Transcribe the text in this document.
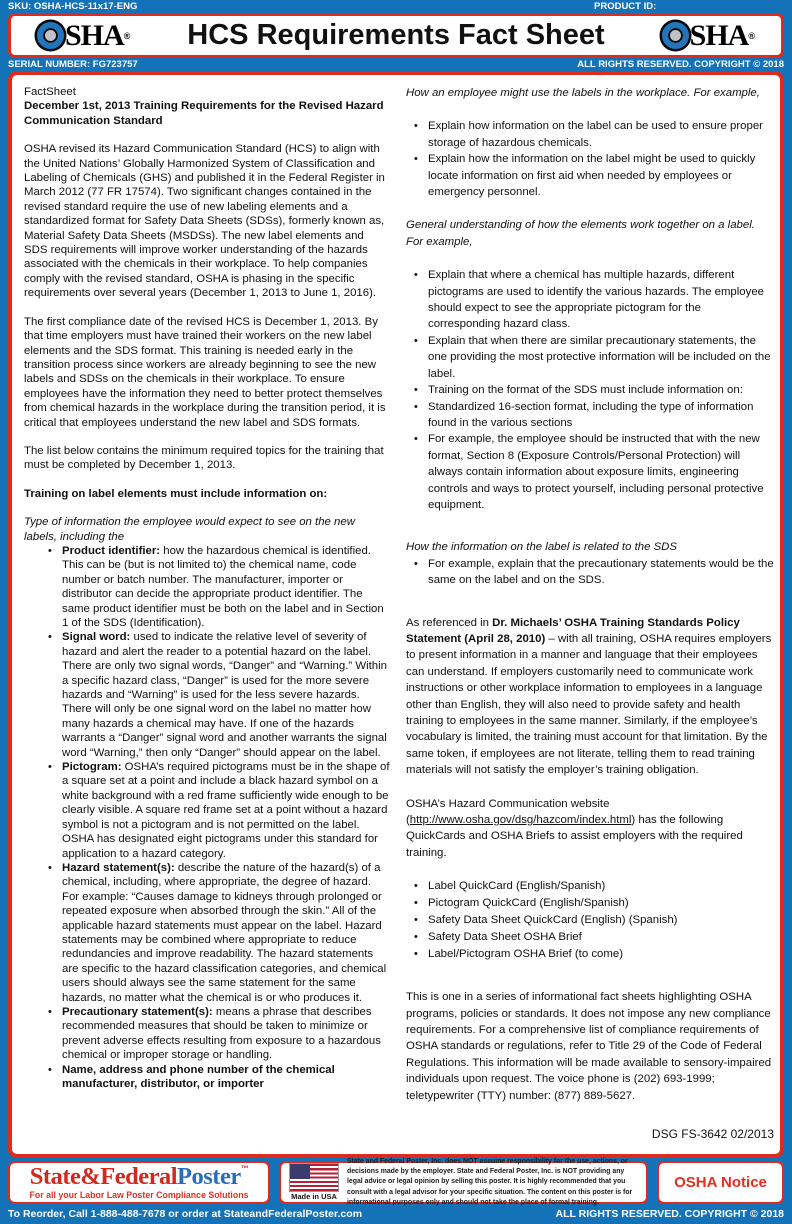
SKU: OSHA-HCS-11x17-ENG	PRODUCT ID:
SHA ® HCS Requirements Fact Sheet	SHA ®
SERIAL NUMBER: FG723757	ALL RIGHTS RESERVED. COPYRIGHT © 2018

FactSheet

December 1st, 2013 Training Requirements for the Revised Hazard Communication Standard

OSHA revised its Hazard Communication Standard (HCS) to align with the United Nations’ Globally Harmonized System of Classification and Labeling of Chemicals (GHS) and published it in the Federal Register in March 2012 (77 FR 17574). Two significant changes contained in the revised standard require the use of new labeling elements and a standardized format for Safety Data Sheets (SDSs), formerly known as, Material Safety Data Sheets (MSDSs). The new label elements and SDS requirements will improve worker understanding of the hazards associated with the chemicals in their workplace. To help companies comply with the revised standard, OSHA is phasing in the specific requirements over several years (December 1, 2013 to June 1, 2016).

The first compliance date of the revised HCS is December 1, 2013. By that time employers must have trained their workers on the new label elements and the SDS format. This training is needed early in the transition process since workers are already beginning to see the new labels and SDSs on the chemicals in their workplace. To ensure employees have the information they need to better protect themselves from chemical hazards in the workplace during the transition period, it is critical that employees understand the new label and SDS formats.

The list below contains the minimum required topics for the training that must be completed by December 1, 2013.

Training on label elements must include information on:

Type of information the employee would expect to see on the new labels, including the

• Product identifier: how the hazardous chemical is identified. This can be (but is not limited to) the chemical name, code number or batch number. The manufacturer, importer or distributor can decide the appropriate product identifier. The same product identifier must be both on the label and in Section 1 of the SDS (Identification).
• Signal word: used to indicate the relative level of severity of hazard and alert the reader to a potential hazard on the label. There are only two signal words, “Danger” and “Warning.” Within a specific hazard class, “Danger” is used for the more severe hazards and “Warning” is used for the less severe hazards. There will only be one signal word on the label no matter how many hazards a chemical may have. If one of the hazards warrants a “Danger” signal word and another warrants the signal word “Warning,” then only “Danger” should appear on the label.
• Pictogram: OSHA’s required pictograms must be in the shape of a square set at a point and include a black hazard symbol on a white background with a red frame sufficiently wide enough to be clearly visible. A square red frame set at a point without a hazard symbol is not a pictogram and is not permitted on the label. OSHA has designated eight pictograms under this standard for application to a hazard category.
• Hazard statement(s): describe the nature of the hazard(s) of a chemical, including, where appropriate, the degree of hazard. For example: “Causes damage to kidneys through prolonged or repeated exposure when absorbed through the skin.” All of the applicable hazard statements must appear on the label. Hazard statements may be combined where appropriate to reduce redundancies and improve readability. The hazard statements are specific to the hazard classification categories, and chemical users should always see the same statement for the same hazards, no matter what the chemical is or who produces it.
• Precautionary statement(s): means a phrase that describes recommended measures that should be taken to minimize or prevent adverse effects resulting from exposure to a hazardous chemical or improper storage or handling.
• Name, address and phone number of the chemical manufacturer, distributor, or importer

How an employee might use the labels in the workplace. For example,

• Explain how information on the label can be used to ensure proper storage of hazardous chemicals.
• Explain how the information on the label might be used to quickly locate information on first aid when needed by employees or emergency personnel.

General understanding of how the elements work together on a label. For example,

• Explain that where a chemical has multiple hazards, different pictograms are used to identify the various hazards. The employee should expect to see the appropriate pictogram for the corresponding hazard class.
• Explain that when there are similar precautionary statements, the one providing the most protective information will be included on the label.
• Training on the format of the SDS must include information on:
• Standardized 16-section format, including the type of information found in the various sections
• For example, the employee should be instructed that with the new format, Section 8 (Exposure Controls/Personal Protection) will always contain information about exposure limits, engineering controls and ways to protect yourself, including personal protective equipment.

How the information on the label is related to the SDS

• For example, explain that the precautionary statements would be the same on the label and on the SDS.

As referenced in Dr. Michaels’ OSHA Training Standards Policy Statement (April 28, 2010) – with all training, OSHA requires employers to present information in a manner and language that their employees can understand. If employers customarily need to communicate work instructions or other workplace information to employees in a language other than English, they will also need to provide safety and health training to employees in the same manner. Similarly, if the employee’s vocabulary is limited, the training must account for that limitation. By the same token, if employees are not literate, telling them to read training materials will not satisfy the employer’s training obligation.

OSHA’s Hazard Communication website (http://www.osha.gov/dsg/hazcom/index.html) has the following QuickCards and OSHA Briefs to assist employers with the required training.

• Label QuickCard (English/Spanish)
• Pictogram QuickCard (English/Spanish)
• Safety Data Sheet QuickCard (English) (Spanish)
• Safety Data Sheet OSHA Brief
• Label/Pictogram OSHA Brief (to come)

This is one in a series of informational fact sheets highlighting OSHA programs, policies or standards. It does not impose any new compliance requirements. For a comprehensive list of compliance requirements of OSHA standards or regulations, refer to Title 29 of the Code of Federal Regulations. This information will be made available to sensory-impaired individuals upon request. The voice phone is (202) 693-1999; teletypewriter (TTY) number: (877) 889-5627.

DSG FS-3642 02/2013
State&FederalPoster™
For all your Labor Law Poster Compliance Solutions	Made in USA
State and Federal Poster, Inc. does NOT assume responsibility for the use, actions, or decisions made by the employer. State and Federal Poster, Inc. is NOT providing any legal advice or legal opinion by selling this poster. It is highly recommended that you consult with a legal advisor for your specific situation. The content on this poster is for informational purposes only and should not take the place of formal training.
OSHA Notice
To Reorder, Call 1-888-488-7678 or order at StateandFederalPoster.com	ALL RIGHTS RESERVED. COPYRIGHT © 2018
